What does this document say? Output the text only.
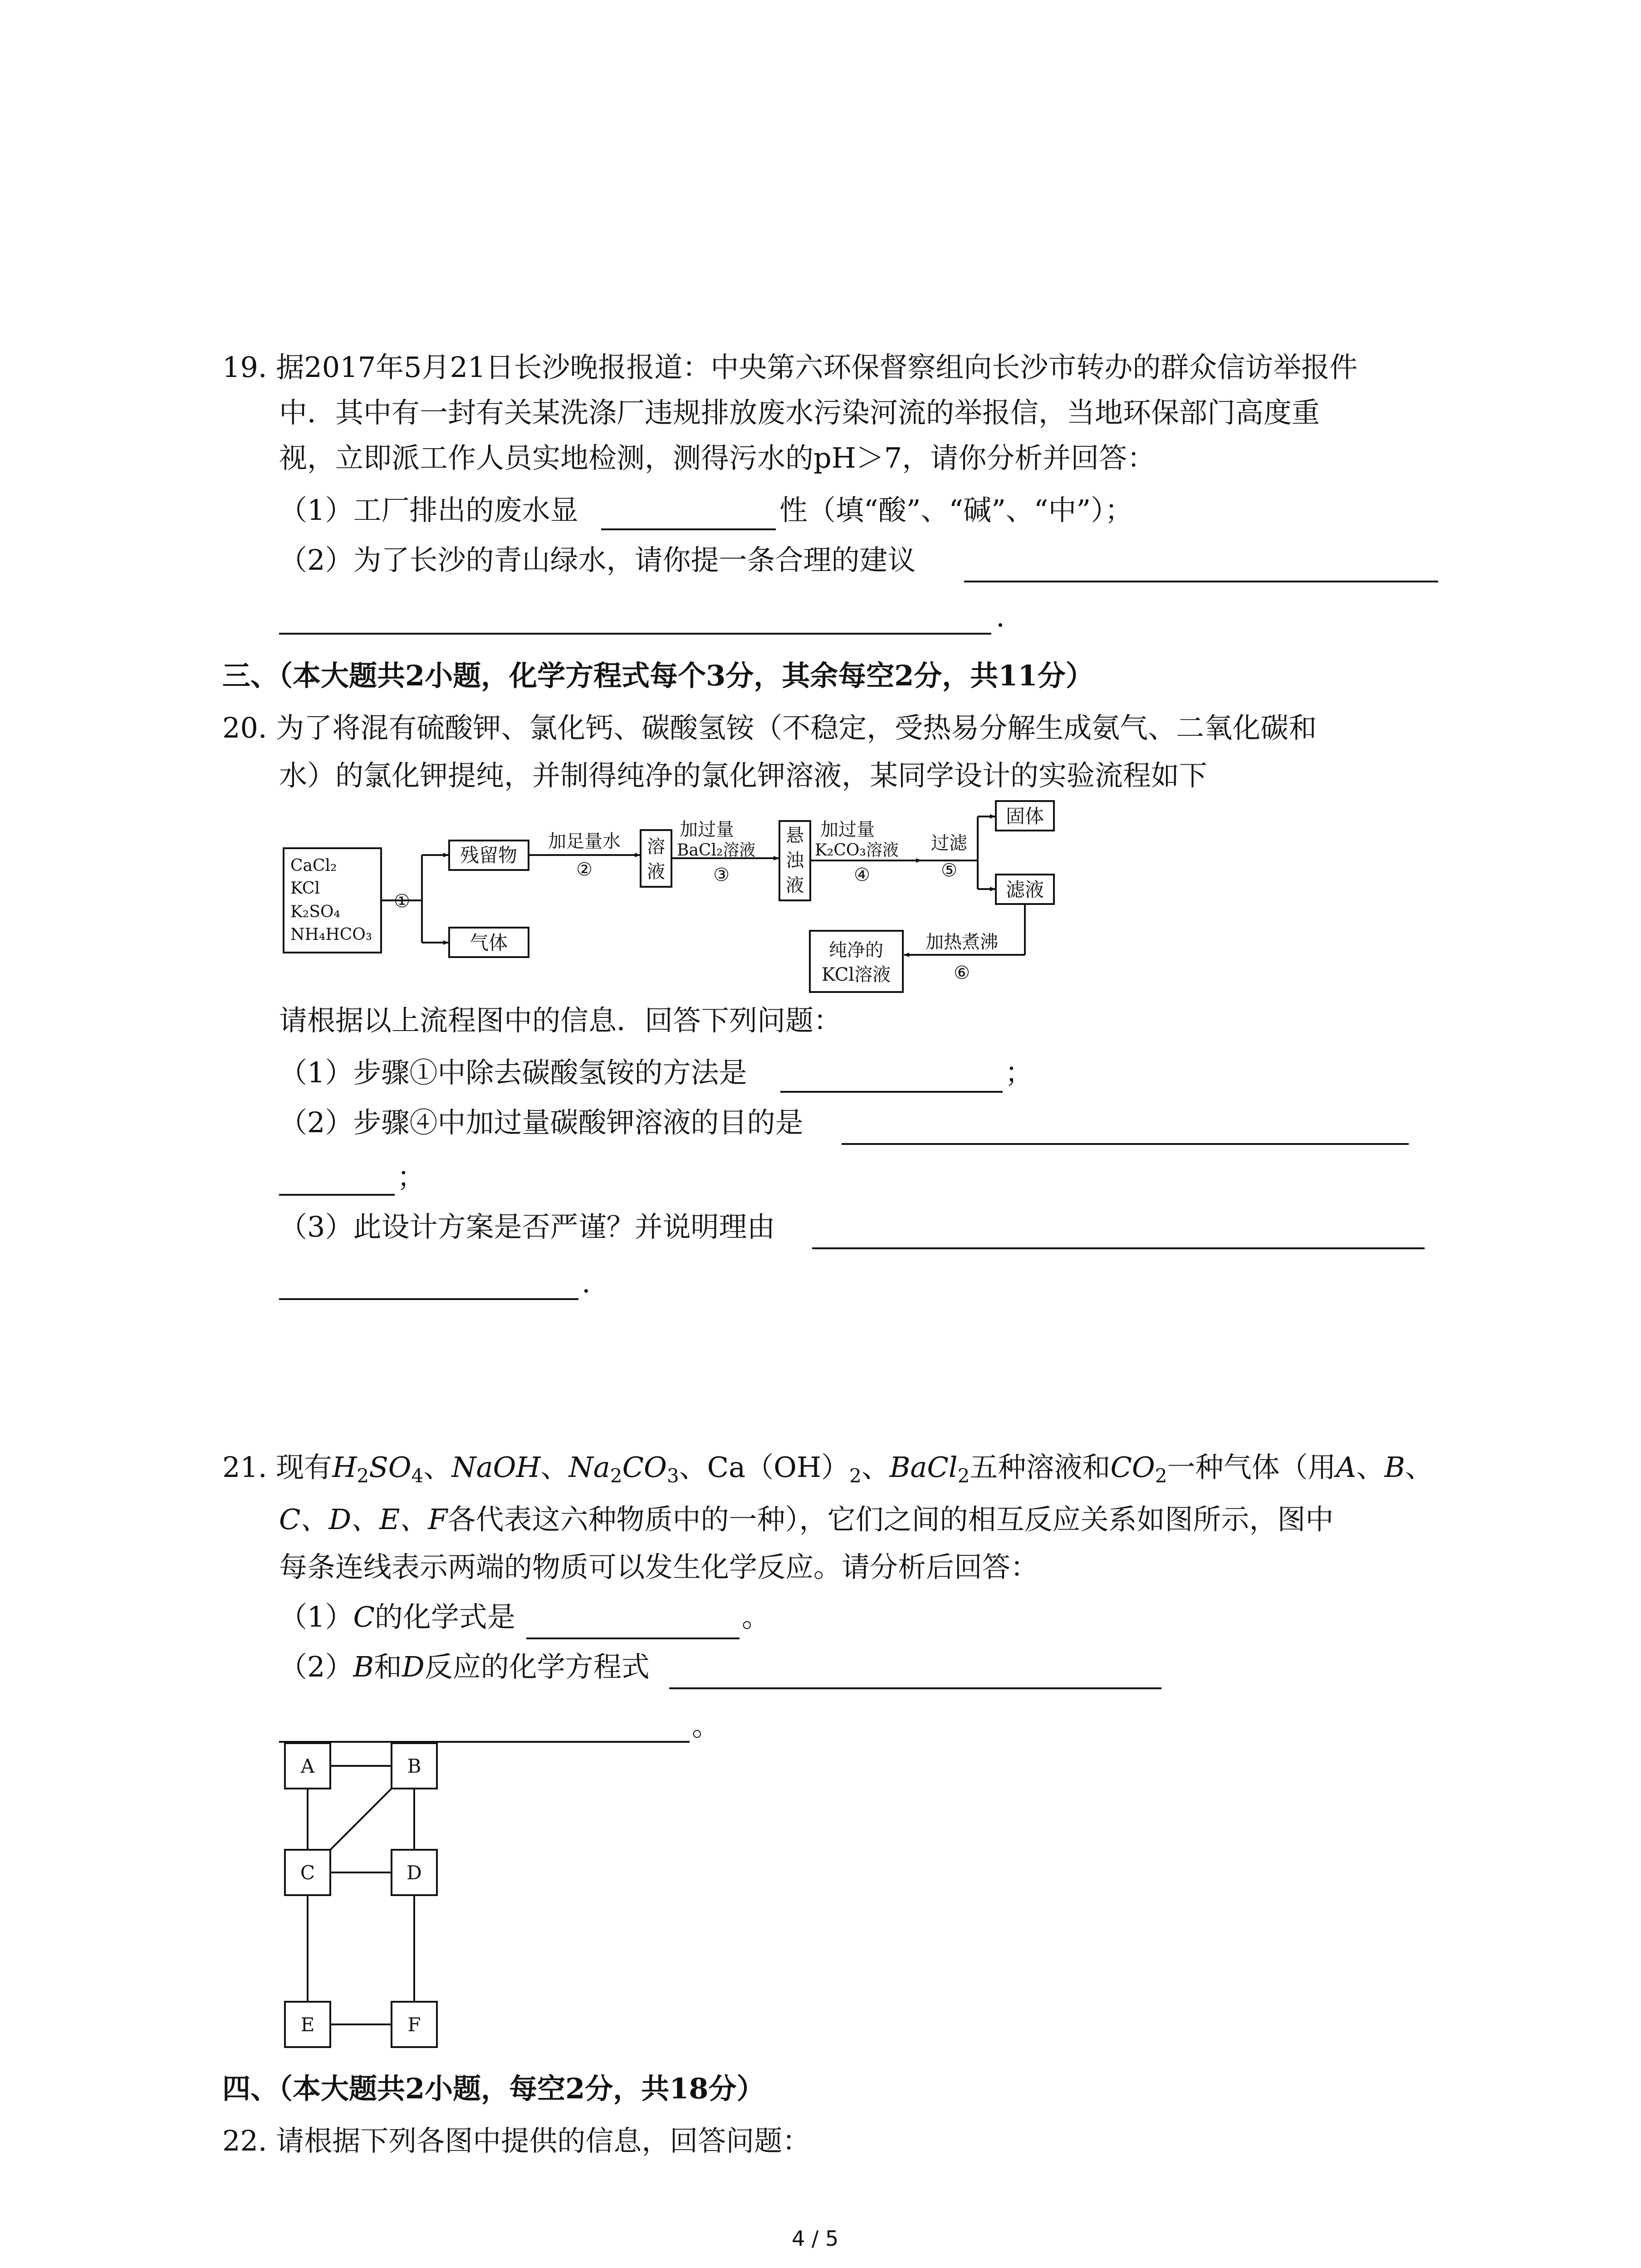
19. 据2017年5月21日长沙晚报报道：中央第六环保督察组向长沙市转办的群众信访举报件
中．其中有一封有关某洗涤厂违规排放废水污染河流的举报信，当地环保部门高度重
视，立即派工作人员实地检测，测得污水的pH＞7，请你分析并回答：
（1）工厂排出的废水显	性（填“酸”、“碱”、“中”）；
（2）为了长沙的青山绿水，请你提一条合理的建议
.
三、（本大题共2小题，化学方程式每个3分，其余每空2分，共11分）
20. 为了将混有硫酸钾、氯化钙、碳酸氢铵（不稳定，受热易分解生成氨气、二氧化碳和
水）的氯化钾提纯，并制得纯净的氯化钾溶液，某同学设计的实验流程如下
CaCl₂
KCl
K₂SO₄
NH₄HCO₃
①
残留物
气体
加足量水
②
溶
液
加过量
BaCl₂溶液
③
悬
浊
液
加过量
K₂CO₃溶液
④
过滤
⑤
固体
滤液
加热煮沸
⑥
纯净的
KCl溶液
请根据以上流程图中的信息．回答下列问题：
（1）步骤①中除去碳酸氢铵的方法是	；
（2）步骤④中加过量碳酸钾溶液的目的是
；
（3）此设计方案是否严谨？并说明理由
.
21. 现有$H_2SO_4$、NaOH、$Na_2CO_3$、$Ca(OH)_2$、BaCl$_2$五种溶液和$CO_2$一种气体（用A、B、
C、D、E、F各代表这六种物质中的一种），它们之间的相互反应关系如图所示，图中
每条连线表示两端的物质可以发生化学反应。请分析后回答：
（1）C的化学式是	。
（2）B和D反应的化学方程式
。
A	B
C	D
E	F
四、（本大题共2小题，每空2分，共18分）
22. 请根据下列各图中提供的信息，回答问题：
4 / 5
